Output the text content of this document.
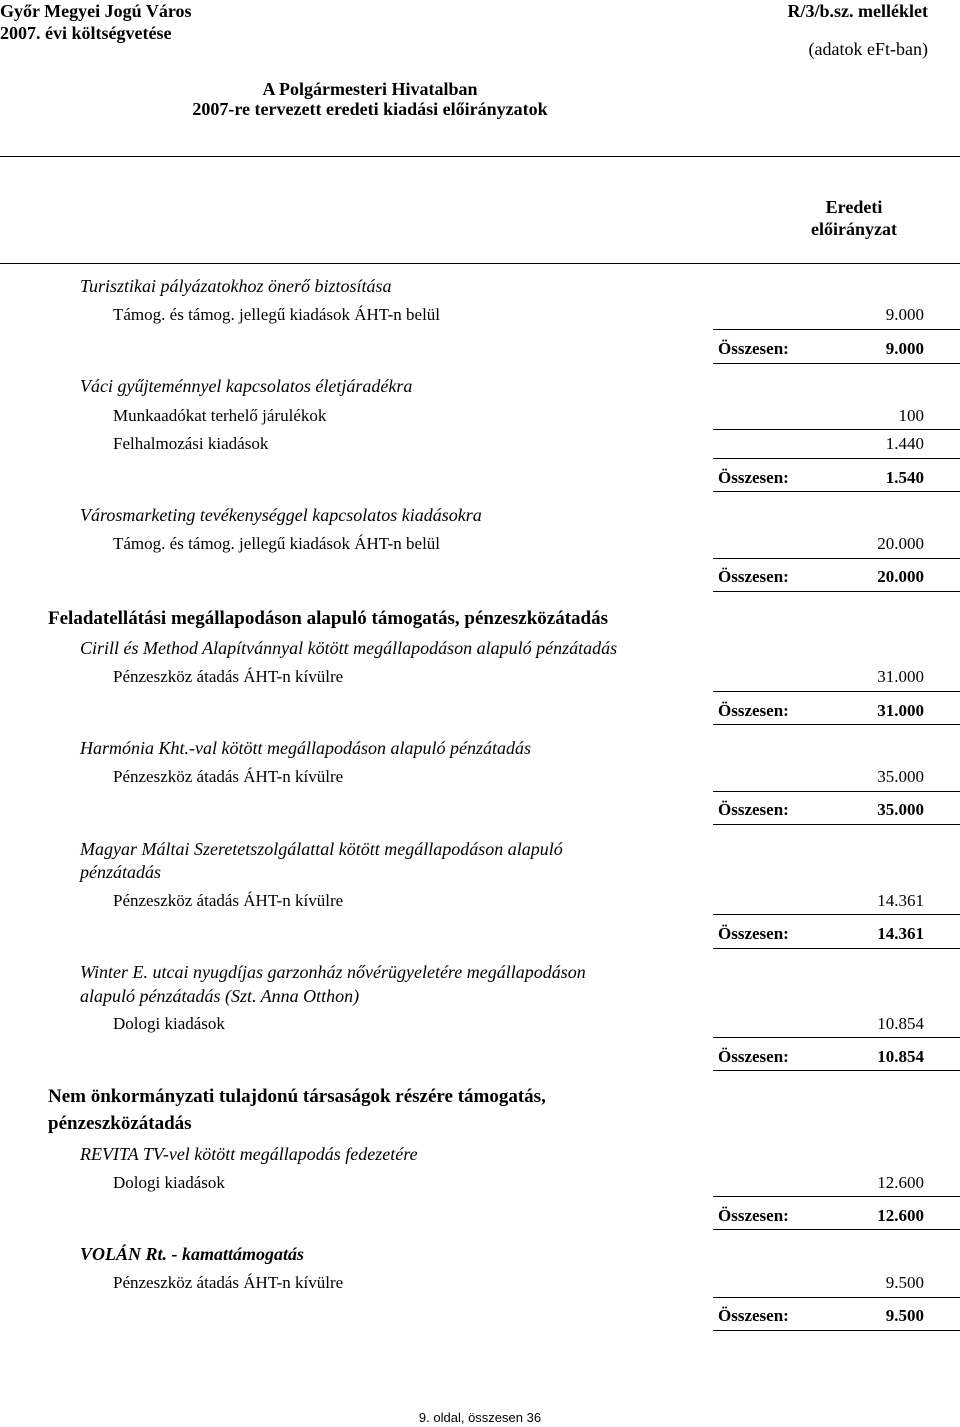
Győr Megyei Jogú Város
2007. évi költségvetése
R/3/b.sz. melléklet
(adatok eFt-ban)
A Polgármesteri Hivatalban
2007-re tervezett eredeti kiadási előirányzatok
Eredeti
előirányzat
Turisztikai pályázatokhoz önerő biztosítása
Támog. és támog. jellegű kiadások ÁHT-n belül	9.000
Összesen:	9.000
Váci gyűjteménnyel kapcsolatos életjáradékra
Munkaadókat terhelő járulékok	100
Felhalmozási kiadások	1.440
Összesen:	1.540
Városmarketing tevékenységgel kapcsolatos kiadásokra
Támog. és támog. jellegű kiadások ÁHT-n belül	20.000
Összesen:	20.000
Feladatellátási megállapodáson alapuló támogatás, pénzeszközátadás
Cirill és Method Alapítvánnyal kötött megállapodáson alapuló pénzátadás
Pénzeszköz átadás ÁHT-n kívülre	31.000
Összesen:	31.000
Harmónia Kht.-val kötött megállapodáson alapuló pénzátadás
Pénzeszköz átadás ÁHT-n kívülre	35.000
Összesen:	35.000
Magyar Máltai Szeretetszolgálattal kötött megállapodáson alapuló
pénzátadás
Pénzeszköz átadás ÁHT-n kívülre	14.361
Összesen:	14.361
Winter E. utcai nyugdíjas garzonház nővérügyeletére megállapodáson
alapuló pénzátadás (Szt. Anna Otthon)
Dologi kiadások	10.854
Összesen:	10.854
Nem önkormányzati tulajdonú társaságok részére támogatás,
pénzeszközátadás
REVITA TV-vel kötött megállapodás fedezetére
Dologi kiadások	12.600
Összesen:	12.600
VOLÁN Rt. - kamattámogatás
Pénzeszköz átadás ÁHT-n kívülre	9.500
Összesen:	9.500
9. oldal, összesen 36
